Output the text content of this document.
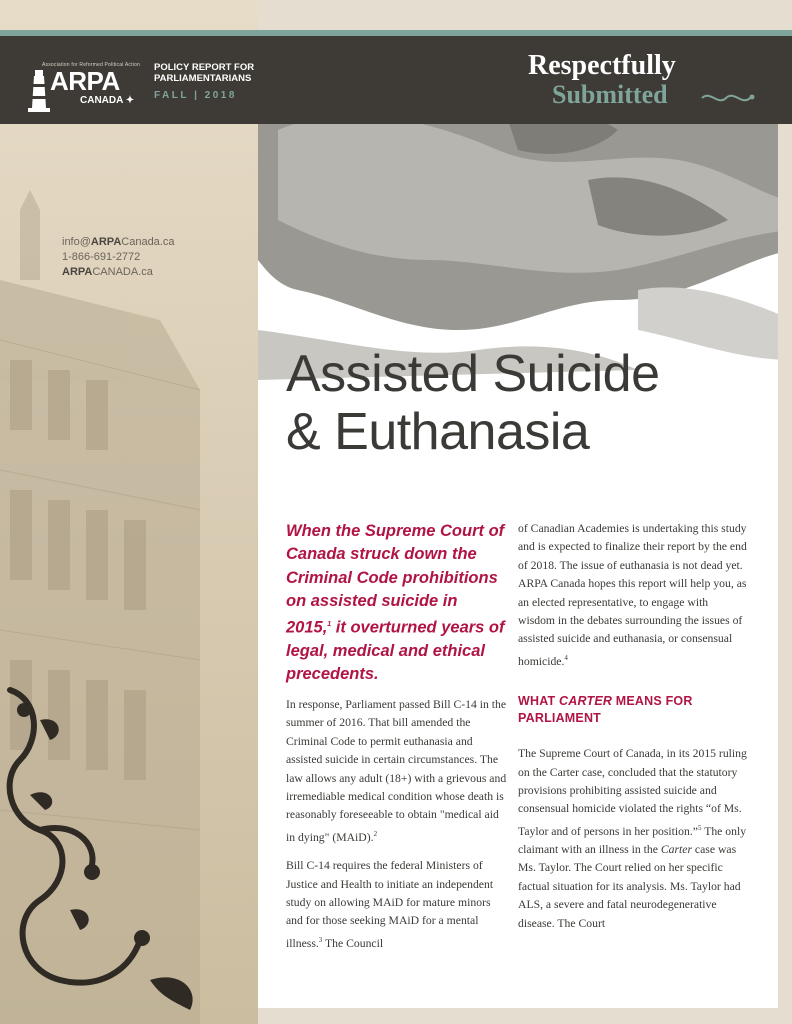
info@ARPACanada.ca
1-866-691-2772
ARPACANADA.ca
Association for Reformed Political Action
ARPA
CANADA ✦
POLICY REPORT FOR PARLIAMENTARIANS
FALL | 2018
Respectfully
Submitted
Assisted Suicide
& Euthanasia
When the Supreme Court of Canada struck down the Criminal Code prohibitions on assisted suicide in 2015,$^1$ it overturned years of legal, medical and ethical precedents.

In response, Parliament passed Bill C-14 in the summer of 2016. That bill amended the Criminal Code to permit euthanasia and assisted suicide in certain circumstances. The law allows any adult (18+) with a grievous and irremediable medical condition whose death is reasonably foreseeable to obtain "medical aid in dying" (MAiD).$^2$

Bill C-14 requires the federal Ministers of Justice and Health to initiate an independent study on allowing MAiD for mature minors and for those seeking MAiD for a mental illness.$^3$ The Council

of Canadian Academies is undertaking this study and is expected to finalize their report by the end of 2018. The issue of euthanasia is not dead yet. ARPA Canada hopes this report will help you, as an elected representative, to engage with wisdom in the debates surrounding the issues of assisted suicide and euthanasia, or consensual homicide.$^4$

WHAT CARTER MEANS FOR PARLIAMENT

The Supreme Court of Canada, in its 2015 ruling on the Carter case, concluded that the statutory provisions prohibiting assisted suicide and consensual homicide violated the rights “of Ms. Taylor and of persons in her position.”$^5$ The only claimant with an illness in the Carter case was Ms. Taylor. The Court relied on her specific factual situation for its analysis. Ms. Taylor had ALS, a severe and fatal neurodegenerative disease. The Court
